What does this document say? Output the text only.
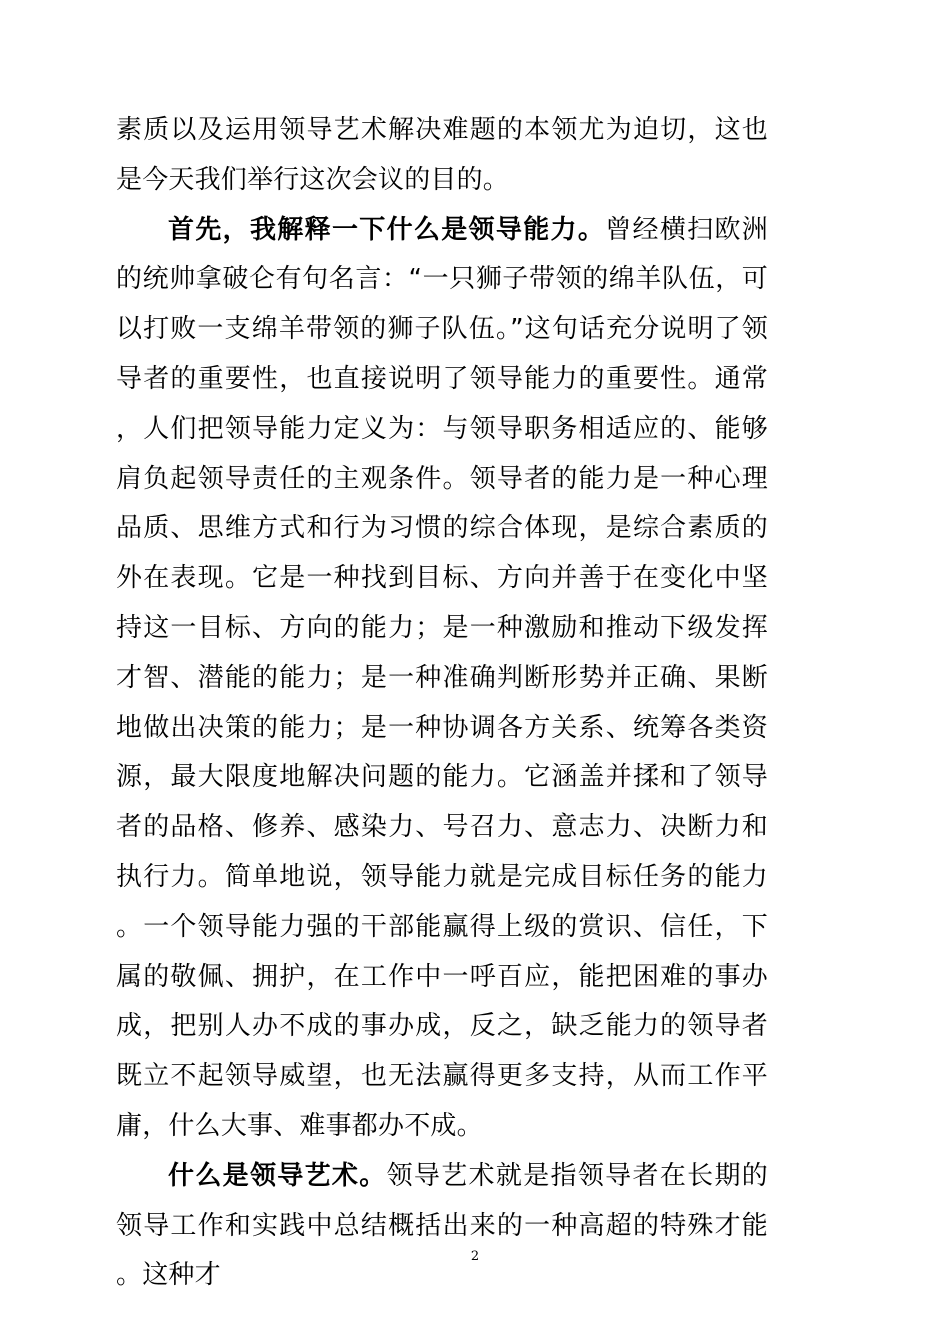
素质以及运用领导艺术解决难题的本领尤为迫切，这也是今天我们举行这次会议的目的。

首先，我解释一下什么是领导能力。曾经横扫欧洲的统帅拿破仑有句名言：“一只狮子带领的绵羊队伍，可以打败一支绵羊带领的狮子队伍。”这句话充分说明了领导者的重要性，也直接说明了领导能力的重要性。通常，人们把领导能力定义为：与领导职务相适应的、能够肩负起领导责任的主观条件。领导者的能力是一种心理品质、思维方式和行为习惯的综合体现，是综合素质的外在表现。它是一种找到目标、方向并善于在变化中坚持这一目标、方向的能力；是一种激励和推动下级发挥才智、潜能的能力；是一种准确判断形势并正确、果断地做出决策的能力；是一种协调各方关系、统筹各类资源，最大限度地解决问题的能力。它涵盖并揉和了领导者的品格、修养、感染力、号召力、意志力、决断力和执行力。简单地说，领导能力就是完成目标任务的能力。一个领导能力强的干部能赢得上级的赏识、信任，下属的敬佩、拥护，在工作中一呼百应，能把困难的事办成，把别人办不成的事办成，反之，缺乏能力的领导者既立不起领导威望，也无法赢得更多支持，从而工作平庸，什么大事、难事都办不成。

什么是领导艺术。领导艺术就是指领导者在长期的领导工作和实践中总结概括出来的一种高超的特殊才能。这种才

2
